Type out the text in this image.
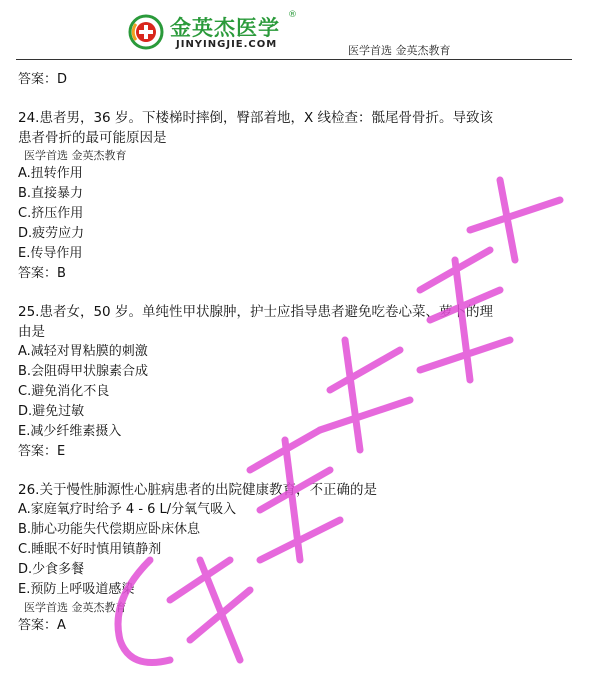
金英杰医学
®
JINYINGJIE.COM	医学首选 金英杰教育
答案：D
24.患者男，36 岁。下楼梯时摔倒，臀部着地，X 线检查：骶尾骨骨折。导致该
患者骨折的最可能原因是
医学首选 金英杰教育
A.扭转作用
B.直接暴力
C.挤压作用
D.疲劳应力
E.传导作用
答案：B
25.患者女，50 岁。单纯性甲状腺肿，护士应指导患者避免吃卷心菜、萝卜的理
由是
A.减轻对胃粘膜的刺激
B.会阻碍甲状腺素合成
C.避免消化不良
D.避免过敏
E.减少纤维素摄入
答案：E
26.关于慢性肺源性心脏病患者的出院健康教育，不正确的是
A.家庭氧疗时给予 4 - 6 L/分氧气吸入
B.肺心功能失代偿期应卧床休息
C.睡眠不好时慎用镇静剂
D.少食多餐
E.预防上呼吸道感染
医学首选 金英杰教育
答案：A
